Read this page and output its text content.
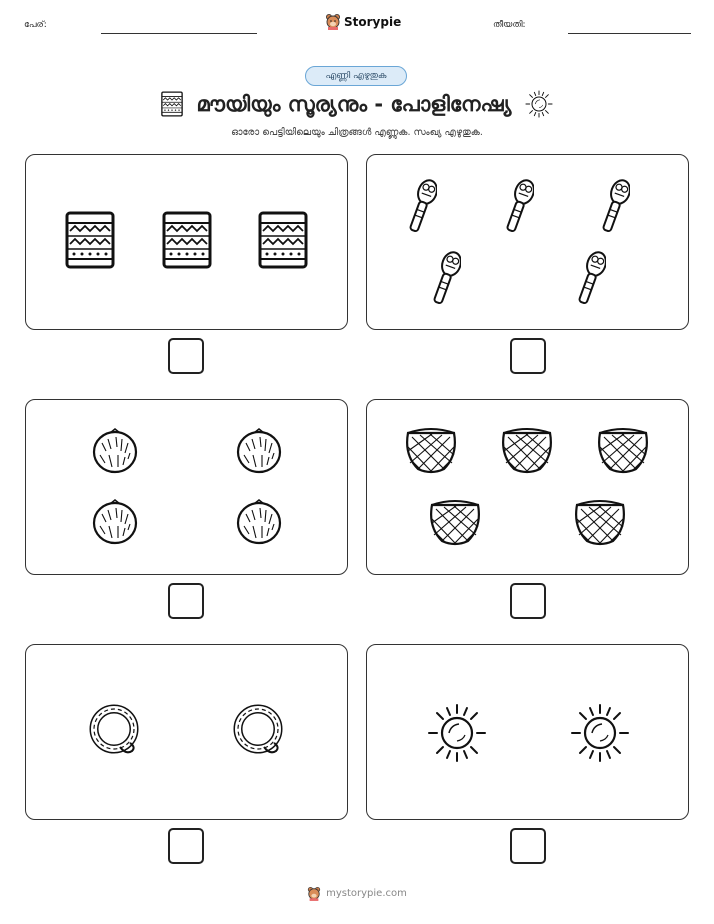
പേര്:	Storypie	തീയതി:
എണ്ണി എഴുതുക
മൗയിയും സൂര്യനും - പോളിനേഷ്യ
ഓരോ പെട്ടിയിലെയും ചിത്രങ്ങൾ എണ്ണുക. സംഖ്യ എഴുതുക.
mystorypie.com
